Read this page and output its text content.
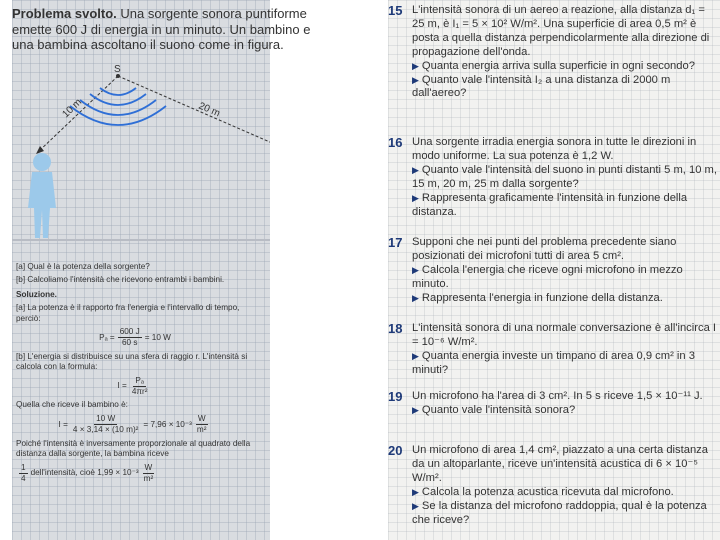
Problema svolto. Una sorgente sonora puntiforme emette 600 J di energia in un minuto. Un bambino e una bambina ascoltano il suono come in figura.
S
10 m	20 m

[a] Qual è la potenza della sorgente?

[b] Calcoliamo l'intensità che ricevono entrambi i bambini.

Soluzione.

[a] La potenza è il rapporto fra l'energia e l'intervallo di tempo, perciò:

$P_a = \frac{600 J}{60 s} = 10$ W

[b] L'energia si distribuisce su una sfera di raggio r. L'intensità si calcola con la formula:

$I = \frac{\text{Pₐ}}{\text{4πr²}}$

Quella che riceve il bambino è:

$I = \frac{10 W}{\text{4 × 3,14 × (10 m)²}} = 7,96 \times 10^{-3} \frac{W}{\text{m²}}$

Poiché l'intensità è inversamente proporzionale al quadrato della distanza dalla sorgente, la bambina riceve

$\frac{1}{4}$ dell'intensità, cioè $1,99 \times 10^{-3} \frac{W}{\text{m²}}$
15 L'intensità sonora di un aereo a reazione, alla distanza d₁ = 25 m, è I₁ = 5 × 10² W/m². Una superficie di area 0,5 m² è posta a quella distanza perpendicolarmente alla direzione di propagazione dell'onda.

▶ Quanta energia arriva sulla superficie in ogni secondo?

▶ Quanto vale l'intensità I₂ a una distanza di 2000 m dall'aereo?

16 Una sorgente irradia energia sonora in tutte le direzioni in modo uniforme. La sua potenza è 1,2 W.

▶ Quanto vale l'intensità del suono in punti distanti 5 m, 10 m, 15 m, 20 m, 25 m dalla sorgente?

▶ Rappresenta graficamente l'intensità in funzione della distanza.

17 Supponi che nei punti del problema precedente siano posizionati dei microfoni tutti di area 5 cm².

▶ Calcola l'energia che riceve ogni microfono in mezzo minuto.

▶ Rappresenta l'energia in funzione della distanza.

18 L'intensità sonora di una normale conversazione è all'incirca I = 10⁻⁶ W/m².

▶ Quanta energia investe un timpano di area 0,9 cm² in 3 minuti?

19 Un microfono ha l'area di 3 cm². In 5 s riceve 1,5 × 10⁻¹¹ J.

▶ Quanto vale l'intensità sonora?

20 Un microfono di area 1,4 cm², piazzato a una certa distanza da un altoparlante, riceve un'intensità acustica di 6 × 10⁻⁵ W/m².

▶ Calcola la potenza acustica ricevuta dal microfono.

▶ Se la distanza del microfono raddoppia, qual è la potenza che riceve?
